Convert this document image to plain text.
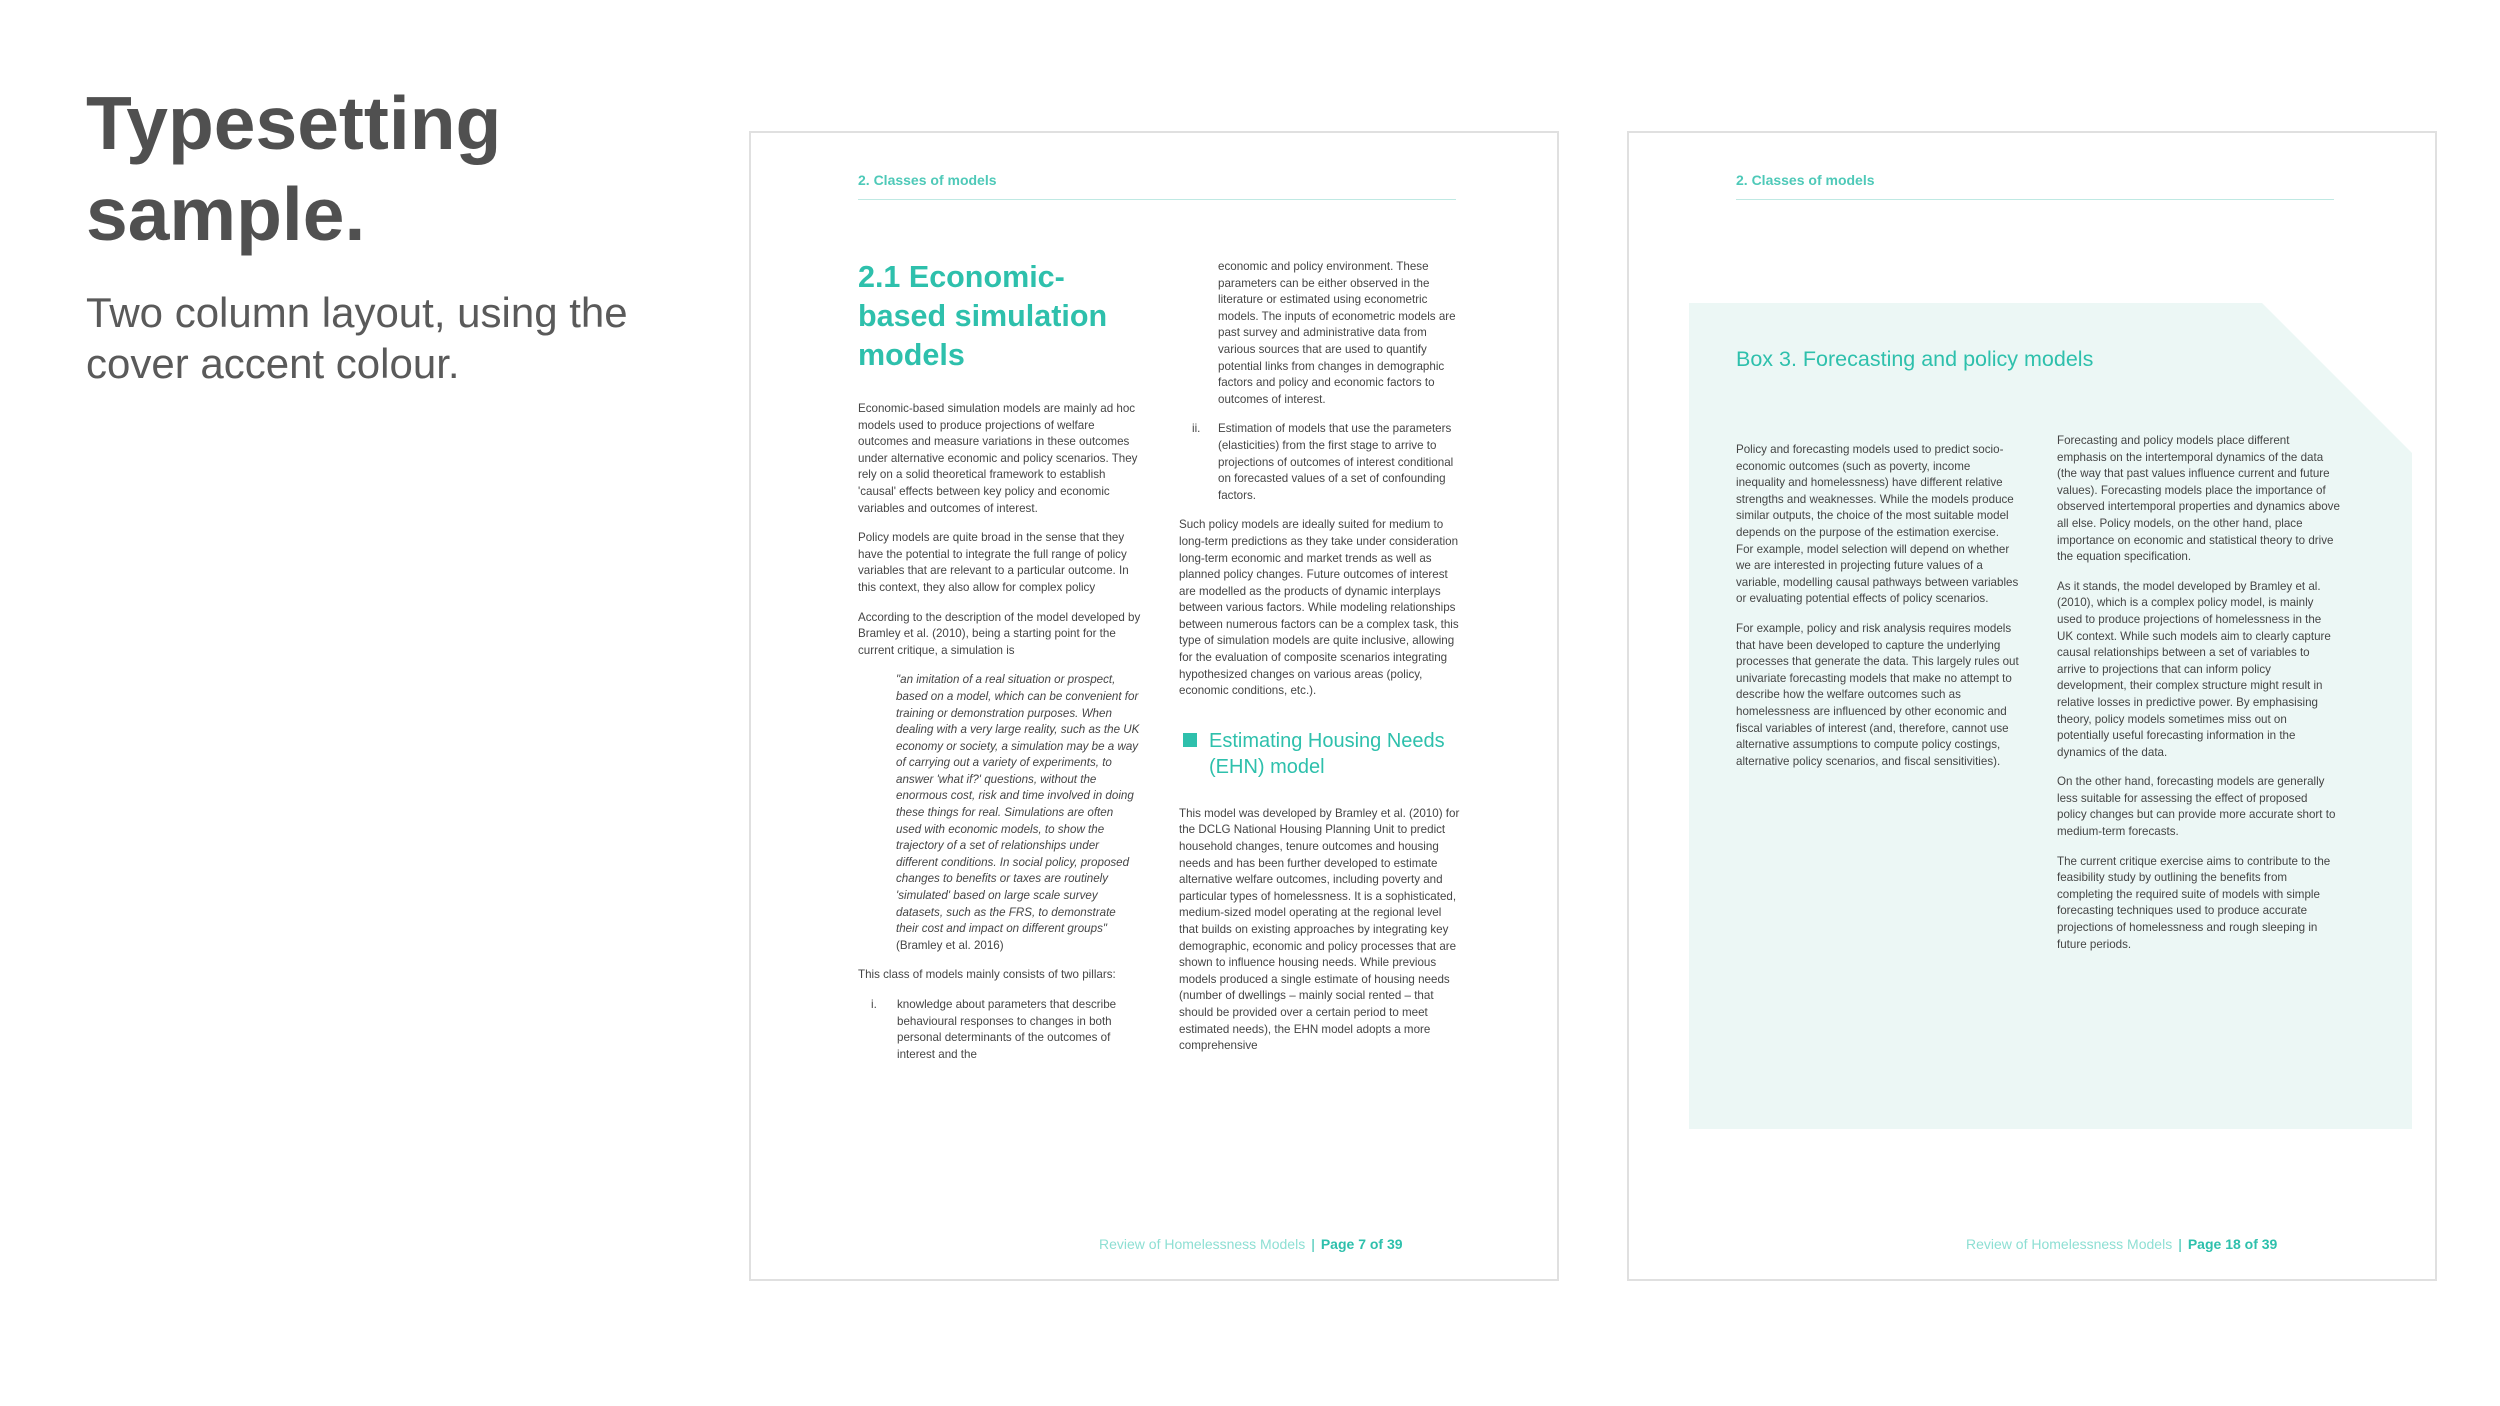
Typesetting sample.

Two column layout, using the cover accent colour.

2. Classes of models
2.1 Economic-based simulation models

Economic-based simulation models are mainly ad hoc models used to produce projections of welfare outcomes and measure variations in these outcomes under alternative economic and policy scenarios. They rely on a solid theoretical framework to establish 'causal' effects between key policy and economic variables and outcomes of interest.

Policy models are quite broad in the sense that they have the potential to integrate the full range of policy variables that are relevant to a particular outcome. In this context, they also allow for complex policy

According to the description of the model developed by Bramley et al. (2010), being a starting point for the current critique, a simulation is

"an imitation of a real situation or prospect, based on a model, which can be convenient for training or demonstration purposes. When dealing with a very large reality, such as the UK economy or society, a simulation may be a way of carrying out a variety of experiments, to answer 'what if?' questions, without the enormous cost, risk and time involved in doing these things for real. Simulations are often used with economic models, to show the trajectory of a set of relationships under different conditions. In social policy, proposed changes to benefits or taxes are routinely 'simulated' based on large scale survey datasets, such as the FRS, to demonstrate their cost and impact on different groups" (Bramley et al. 2016)

This class of models mainly consists of two pillars:

i.	knowledge about parameters that describe behavioural responses to changes in both personal determinants of the outcomes of interest and the

economic and policy environment. These parameters can be either observed in the literature or estimated using econometric models. The inputs of econometric models are past survey and administrative data from various sources that are used to quantify potential links from changes in demographic factors and policy and economic factors to outcomes of interest.

ii.	Estimation of models that use the parameters (elasticities) from the first stage to arrive to projections of outcomes of interest conditional on forecasted values of a set of confounding factors.

Such policy models are ideally suited for medium to long-term predictions as they take under consideration long-term economic and market trends as well as planned policy changes. Future outcomes of interest are modelled as the products of dynamic interplays between various factors. While modeling relationships between numerous factors can be a complex task, this type of simulation models are quite inclusive, allowing for the evaluation of composite scenarios integrating hypothesized changes on various areas (policy, economic conditions, etc.).

Estimating Housing Needs (EHN) model

This model was developed by Bramley et al. (2010) for the DCLG National Housing Planning Unit to predict household changes, tenure outcomes and housing needs and has been further developed to estimate alternative welfare outcomes, including poverty and particular types of homelessness. It is a sophisticated, medium-sized model operating at the regional level that builds on existing approaches by integrating key demographic, economic and policy processes that are shown to influence housing needs. While previous models produced a single estimate of housing needs (number of dwellings – mainly social rented – that should be provided over a certain period to meet estimated needs), the EHN model adopts a more comprehensive

Review of Homelessness Models | Page 7 of 39
2. Classes of models
Box 3. Forecasting and policy models

Policy and forecasting models used to predict socio-economic outcomes (such as poverty, income inequality and homelessness) have different relative strengths and weaknesses. While the models produce similar outputs, the choice of the most suitable model depends on the purpose of the estimation exercise. For example, model selection will depend on whether we are interested in projecting future values of a variable, modelling causal pathways between variables or evaluating potential effects of policy scenarios.

For example, policy and risk analysis requires models that have been developed to capture the underlying processes that generate the data. This largely rules out univariate forecasting models that make no attempt to describe how the welfare outcomes such as homelessness are influenced by other economic and fiscal variables of interest (and, therefore, cannot use alternative assumptions to compute policy costings, alternative policy scenarios, and fiscal sensitivities).

Forecasting and policy models place different emphasis on the intertemporal dynamics of the data (the way that past values influence current and future values). Forecasting models place the importance of observed intertemporal properties and dynamics above all else. Policy models, on the other hand, place importance on economic and statistical theory to drive the equation specification.

As it stands, the model developed by Bramley et al. (2010), which is a complex policy model, is mainly used to produce projections of homelessness in the UK context. While such models aim to clearly capture causal relationships between a set of variables to arrive to projections that can inform policy development, their complex structure might result in relative losses in predictive power. By emphasising theory, policy models sometimes miss out on potentially useful forecasting information in the dynamics of the data.

On the other hand, forecasting models are generally less suitable for assessing the effect of proposed policy changes but can provide more accurate short to medium-term forecasts.

The current critique exercise aims to contribute to the feasibility study by outlining the benefits from completing the required suite of models with simple forecasting techniques used to produce accurate projections of homelessness and rough sleeping in future periods.

Review of Homelessness Models | Page 18 of 39
